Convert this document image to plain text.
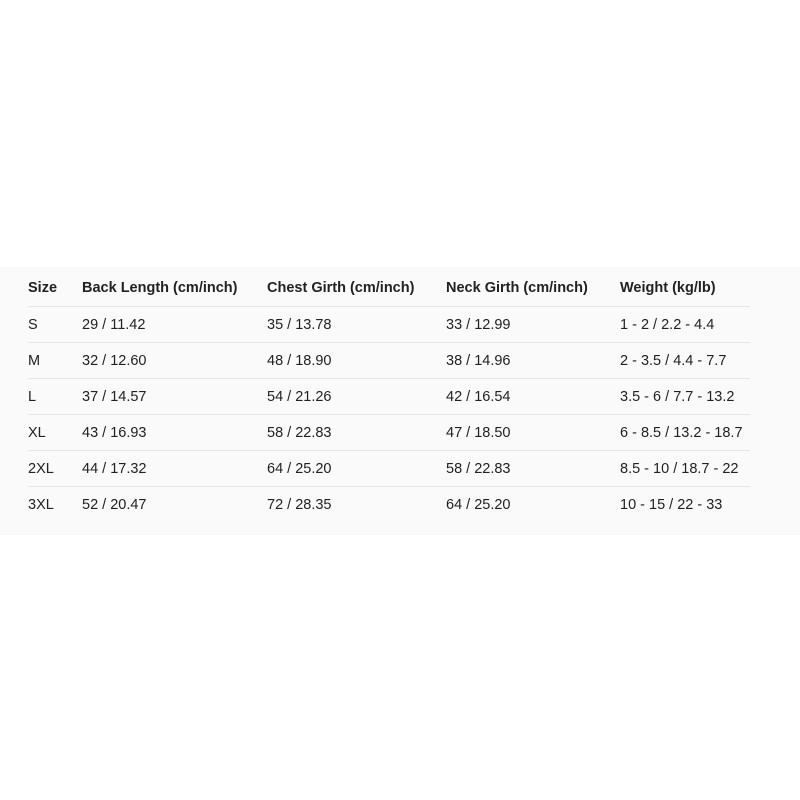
Size	Back Length (cm/inch)	Chest Girth (cm/inch)	Neck Girth (cm/inch)	Weight (kg/lb)
S	29 / 11.42	35 / 13.78	33 / 12.99	1 - 2 / 2.2 - 4.4
M	32 / 12.60	48 / 18.90	38 / 14.96	2 - 3.5 / 4.4 - 7.7
L	37 / 14.57	54 / 21.26	42 / 16.54	3.5 - 6 / 7.7 - 13.2
XL	43 / 16.93	58 / 22.83	47 / 18.50	6 - 8.5 / 13.2 - 18.7
2XL	44 / 17.32	64 / 25.20	58 / 22.83	8.5 - 10 / 18.7 - 22
3XL	52 / 20.47	72 / 28.35	64 / 25.20	10 - 15 / 22 - 33
